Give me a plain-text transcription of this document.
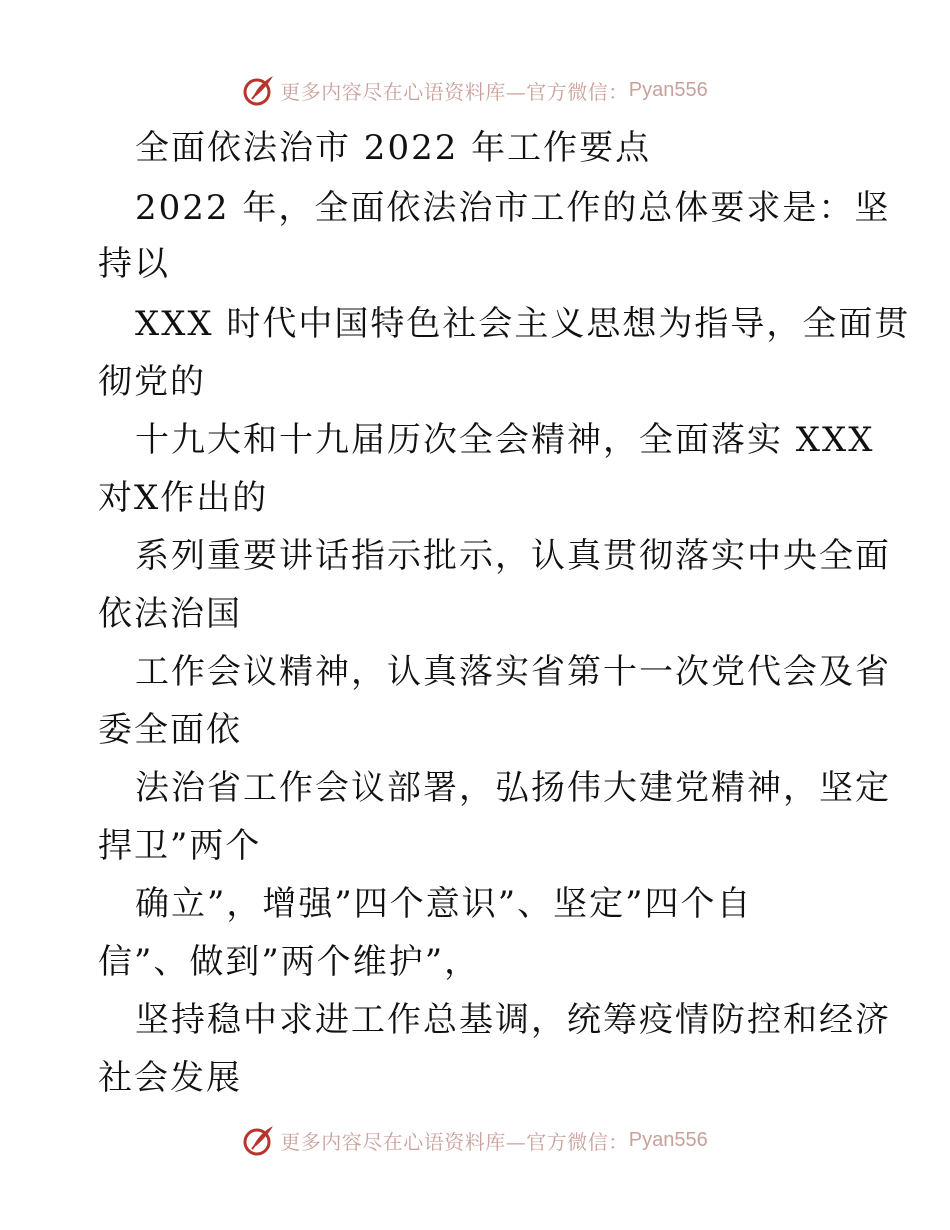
更多内容尽在心语资料库—官方微信： Pyan556
全面依法治市 2022 年工作要点
2022 年，全面依法治市工作的总体要求是：坚
持以
XXX 时代中国特色社会主义思想为指导，全面贯
彻党的
十九大和十九届历次全会精神，全面落实 XXX
对X作出的
系列重要讲话指示批示，认真贯彻落实中央全面
依法治国
工作会议精神，认真落实省第十一次党代会及省
委全面依
法治省工作会议部署，弘扬伟大建党精神，坚定
捍卫”两个
确立”，增强”四个意识”、坚定”四个自
信”、做到”两个维护”，
坚持稳中求进工作总基调，统筹疫情防控和经济
社会发展
更多内容尽在心语资料库—官方微信： Pyan556
